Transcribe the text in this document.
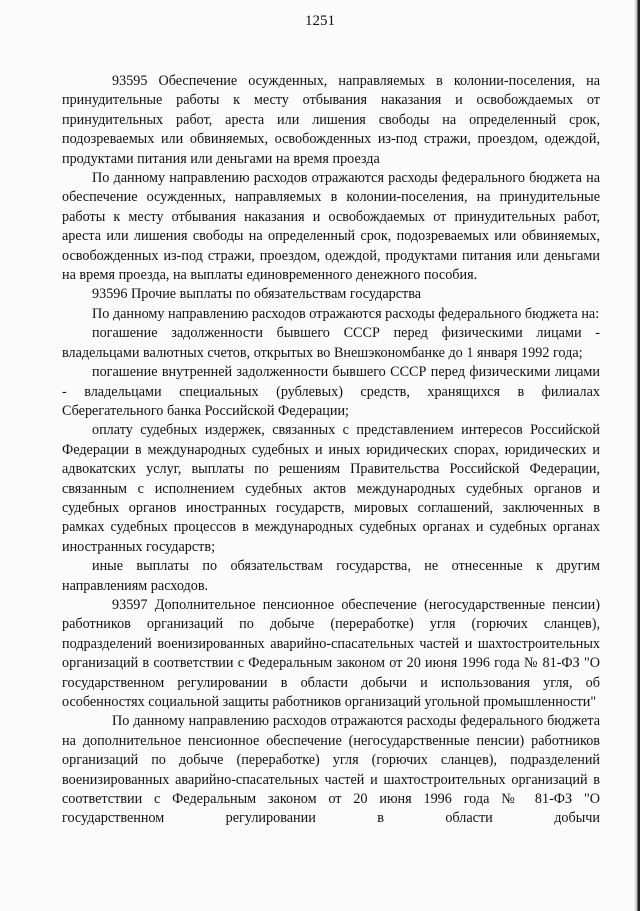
1251

93595 Обеспечение осужденных, направляемых в колонии-поселения, на принудительные работы к месту отбывания наказания и освобождаемых от принудительных работ, ареста или лишения свободы на определенный срок, подозреваемых или обвиняемых, освобожденных из-под стражи, проездом, одеждой, продуктами питания или деньгами на время проезда

По данному направлению расходов отражаются расходы федерального бюджета на обеспечение осужденных, направляемых в колонии-поселения, на принудительные работы к месту отбывания наказания и освобождаемых от принудительных работ, ареста или лишения свободы на определенный срок, подозреваемых или обвиняемых, освобожденных из-под стражи, проездом, одеждой, продуктами питания или деньгами на время проезда, на выплаты единовременного денежного пособия.

93596 Прочие выплаты по обязательствам государства

По данному направлению расходов отражаются расходы федерального бюджета на:

погашение задолженности бывшего СССР перед физическими лицами - владельцами валютных счетов, открытых во Внешэкономбанке до 1 января 1992 года;

погашение внутренней задолженности бывшего СССР перед физическими лицами - владельцами специальных (рублевых) средств, хранящихся в филиалах Сберегательного банка Российской Федерации;

оплату судебных издержек, связанных с представлением интересов Российской Федерации в международных судебных и иных юридических спорах, юридических и адвокатских услуг, выплаты по решениям Правительства Российской Федерации, связанным с исполнением судебных актов международных судебных органов и судебных органов иностранных государств, мировых соглашений, заключенных в рамках судебных процессов в международных судебных органах и судебных органах иностранных государств;

иные выплаты по обязательствам государства, не отнесенные к другим направлениям расходов.

93597 Дополнительное пенсионное обеспечение (негосударственные пенсии) работников организаций по добыче (переработке) угля (горючих сланцев), подразделений военизированных аварийно-спасательных частей и шахтостроительных организаций в соответствии с Федеральным законом от 20 июня 1996 года № 81-ФЗ "О государственном регулировании в области добычи и использования угля, об особенностях социальной защиты работников организаций угольной промышленности"

По данному направлению расходов отражаются расходы федерального бюджета на дополнительное пенсионное обеспечение (негосударственные пенсии) работников организаций по добыче (переработке) угля (горючих сланцев), подразделений военизированных аварийно-спасательных частей и шахтостроительных организаций в соответствии с Федеральным законом от 20 июня 1996 года № 81-ФЗ "О государственном регулировании в области добычи
